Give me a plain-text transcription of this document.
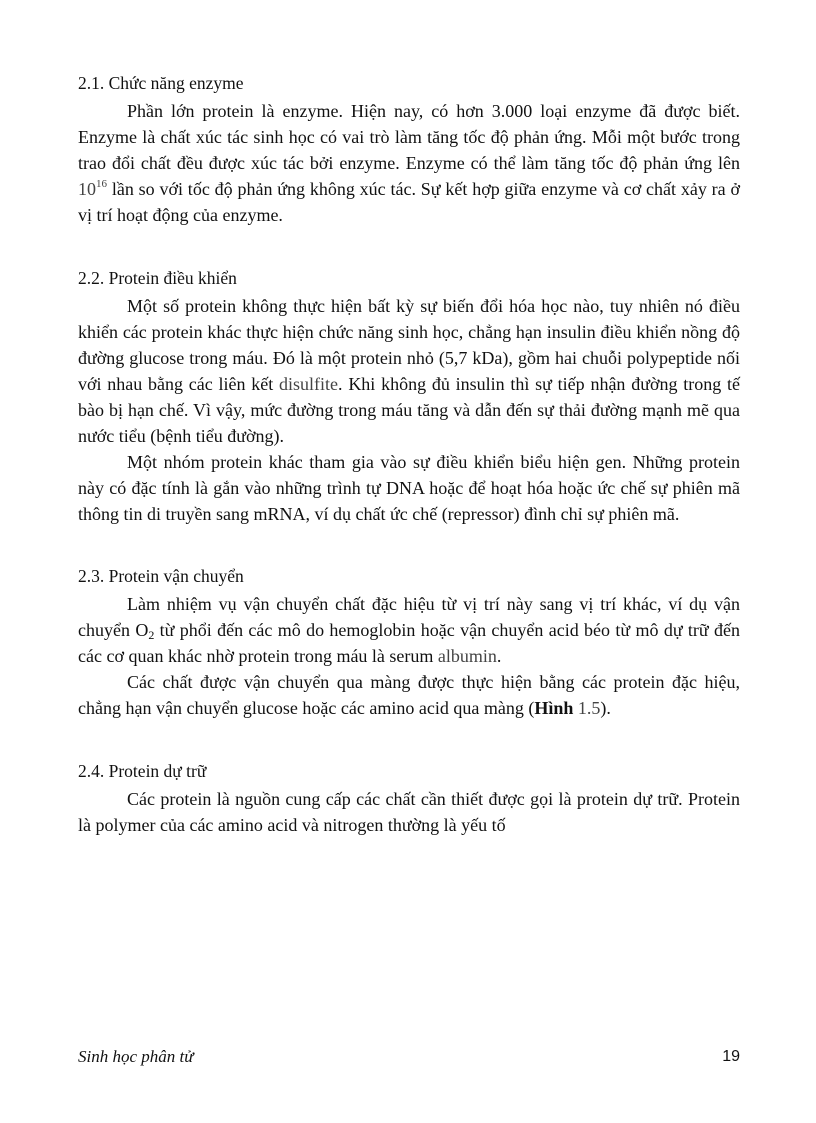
2.1. Chức năng enzyme

Phần lớn protein là enzyme. Hiện nay, có hơn 3.000 loại enzyme đã được biết. Enzyme là chất xúc tác sinh học có vai trò làm tăng tốc độ phản ứng. Mỗi một bước trong trao đổi chất đều được xúc tác bởi enzyme. Enzyme có thể làm tăng tốc độ phản ứng lên $10^{16}$ lần so với tốc độ phản ứng không xúc tác. Sự kết hợp giữa enzyme và cơ chất xảy ra ở vị trí hoạt động của enzyme.

2.2. Protein điều khiển

Một số protein không thực hiện bất kỳ sự biến đổi hóa học nào, tuy nhiên nó điều khiển các protein khác thực hiện chức năng sinh học, chẳng hạn insulin điều khiển nồng độ đường glucose trong máu. Đó là một protein nhỏ (5,7 kDa), gồm hai chuỗi polypeptide nối với nhau bằng các liên kết disulfite. Khi không đủ insulin thì sự tiếp nhận đường trong tế bào bị hạn chế. Vì vậy, mức đường trong máu tăng và dẫn đến sự thải đường mạnh mẽ qua nước tiểu (bệnh tiểu đường).

Một nhóm protein khác tham gia vào sự điều khiển biểu hiện gen. Những protein này có đặc tính là gắn vào những trình tự DNA hoặc để hoạt hóa hoặc ức chế sự phiên mã thông tin di truyền sang mRNA, ví dụ chất ức chế (repressor) đình chỉ sự phiên mã.

2.3. Protein vận chuyển

Làm nhiệm vụ vận chuyển chất đặc hiệu từ vị trí này sang vị trí khác, ví dụ vận chuyển $O_2$ từ phổi đến các mô do hemoglobin hoặc vận chuyển acid béo từ mô dự trữ đến các cơ quan khác nhờ protein trong máu là serum albumin.

Các chất được vận chuyển qua màng được thực hiện bằng các protein đặc hiệu, chẳng hạn vận chuyển glucose hoặc các amino acid qua màng (Hình 1.5).

2.4. Protein dự trữ

Các protein là nguồn cung cấp các chất cần thiết được gọi là protein dự trữ. Protein là polymer của các amino acid và nitrogen thường là yếu tố

Sinh học phân tử	19
